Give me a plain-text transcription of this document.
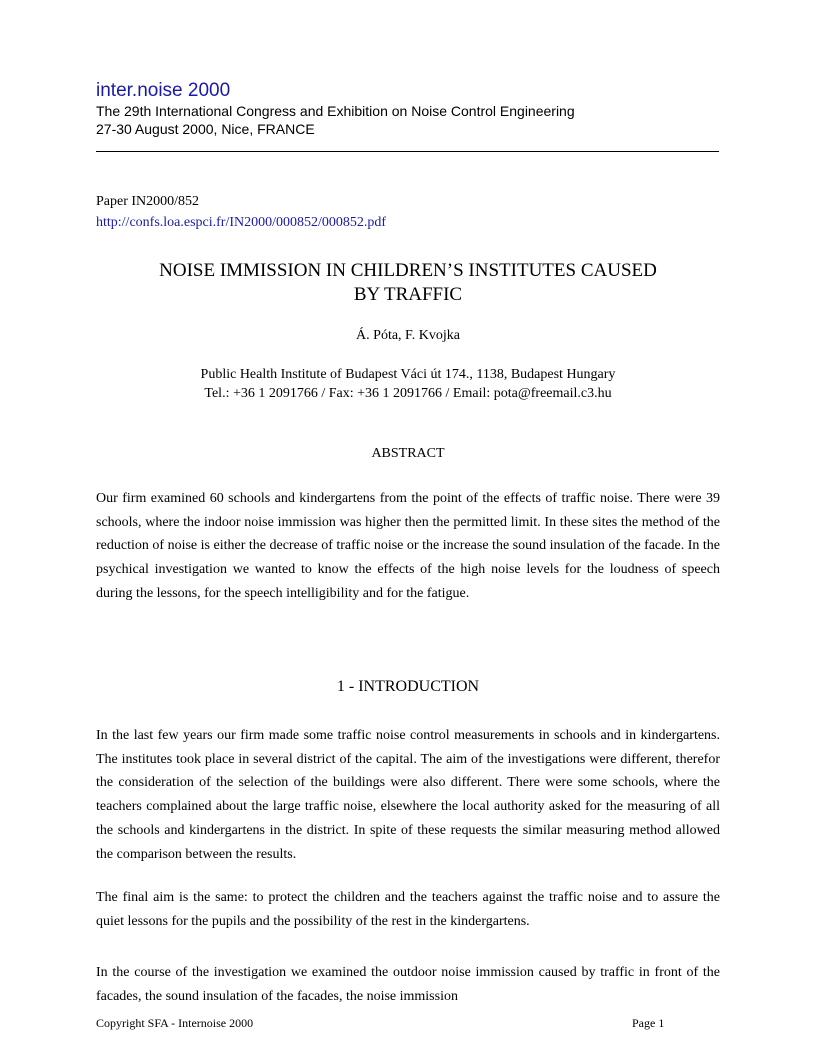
inter.noise 2000
The 29th International Congress and Exhibition on Noise Control Engineering
27-30 August 2000, Nice, FRANCE
Paper IN2000/852
http://confs.loa.espci.fr/IN2000/000852/000852.pdf
NOISE IMMISSION IN CHILDREN’S INSTITUTES CAUSED
BY TRAFFIC
Á. Póta, F. Kvojka
Public Health Institute of Budapest Váci út 174., 1138, Budapest Hungary
Tel.: +36 1 2091766 / Fax: +36 1 2091766 / Email: pota@freemail.c3.hu
ABSTRACT

Our firm examined 60 schools and kindergartens from the point of the effects of traffic noise. There were 39 schools, where the indoor noise immission was higher then the permitted limit. In these sites the method of the reduction of noise is either the decrease of traffic noise or the increase the sound insulation of the facade. In the psychical investigation we wanted to know the effects of the high noise levels for the loudness of speech during the lessons, for the speech intelligibility and for the fatigue.

1 - INTRODUCTION

In the last few years our firm made some traffic noise control measurements in schools and in kindergartens. The institutes took place in several district of the capital. The aim of the investigations were different, therefor the consideration of the selection of the buildings were also different. There were some schools, where the teachers complained about the large traffic noise, elsewhere the local authority asked for the measuring of all the schools and kindergartens in the district. In spite of these requests the similar measuring method allowed the comparison between the results.

The final aim is the same: to protect the children and the teachers against the traffic noise and to assure the quiet lessons for the pupils and the possibility of the rest in the kindergartens.

In the course of the investigation we examined the outdoor noise immission caused by traffic in front of the facades, the sound insulation of the facades, the noise immission

Copyright SFA - Internoise 2000	Page 1
